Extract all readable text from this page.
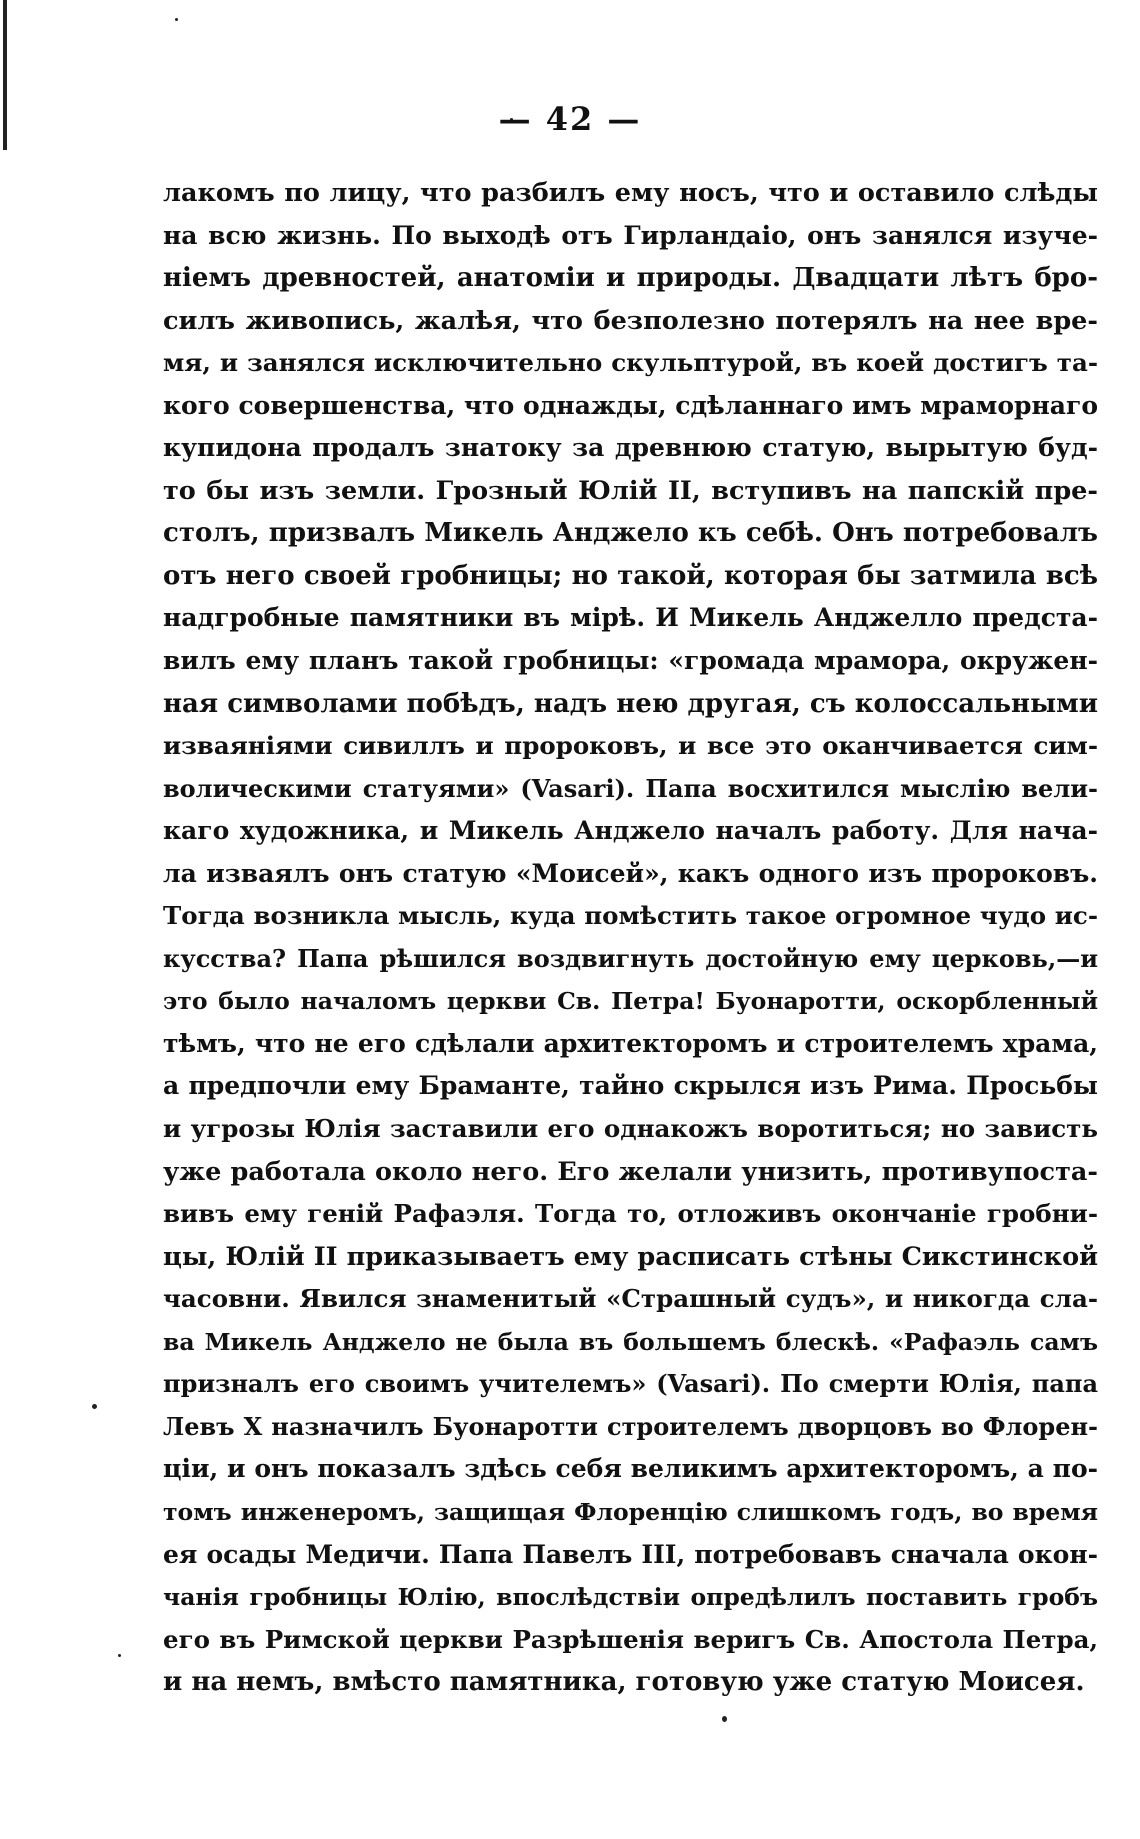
— 42 —
лакомъ по лицу, что разбилъ ему носъ, что и оставило слѣды
на всю жизнь. По выходѣ отъ Гирландаіо, онъ занялся изуче-
ніемъ древностей, анатоміи и природы. Двадцати лѣтъ бро-
силъ живопись, жалѣя, что безполезно потерялъ на нее вре-
мя, и занялся исключительно скульптурой, въ коей достигъ та-
кого совершенства, что однажды, сдѣланнаго имъ мраморнаго
купидона продалъ знатоку за древнюю статую, вырытую буд-
то бы изъ земли. Грозный Юлій II, вступивъ на папскій пре-
столъ, призвалъ Микель Анджело къ себѣ. Онъ потребовалъ
отъ него своей гробницы; но такой, которая бы затмила всѣ
надгробные памятники въ мірѣ. И Микель Анджелло предста-
вилъ ему планъ такой гробницы: «громада мрамора, окружен-
ная символами побѣдъ, надъ нею другая, съ колоссальными
изваяніями сивиллъ и пророковъ, и все это оканчивается сим-
волическими статуями» (Vasari). Папа восхитился мыслію вели-
каго художника, и Микель Анджело началъ работу. Для нача-
ла изваялъ онъ статую «Моисей», какъ одного изъ пророковъ.
Тогда возникла мысль, куда помѣстить такое огромное чудо ис-
кусства? Папа рѣшился воздвигнуть достойную ему церковь,—и
это было началомъ церкви Св. Петра! Буонаротти, оскорбленный
тѣмъ, что не его сдѣлали архитекторомъ и строителемъ храма,
а предпочли ему Браманте, тайно скрылся изъ Рима. Просьбы
и угрозы Юлія заставили его однакожъ воротиться; но зависть
уже работала около него. Его желали унизить, противупоста-
вивъ ему геній Рафаэля. Тогда то, отложивъ окончаніе гробни-
цы, Юлій II приказываетъ ему расписать стѣны Сикстинской
часовни. Явился знаменитый «Страшный судъ», и никогда сла-
ва Микель Анджело не была въ большемъ блескѣ. «Рафаэль самъ
призналъ его своимъ учителемъ» (Vasari). По смерти Юлія, папа
Левъ X назначилъ Буонаротти строителемъ дворцовъ во Флорен-
ціи, и онъ показалъ здѣсь себя великимъ архитекторомъ, а по-
томъ инженеромъ, защищая Флоренцію слишкомъ годъ, во время
ея осады Медичи. Папа Павелъ III, потребовавъ сначала окон-
чанія гробницы Юлію, впослѣдствіи опредѣлилъ поставить гробъ
его въ Римской церкви Разрѣшенія веригъ Св. Апостола Петра,
и на немъ, вмѣсто памятника, готовую уже статую Моисея.
